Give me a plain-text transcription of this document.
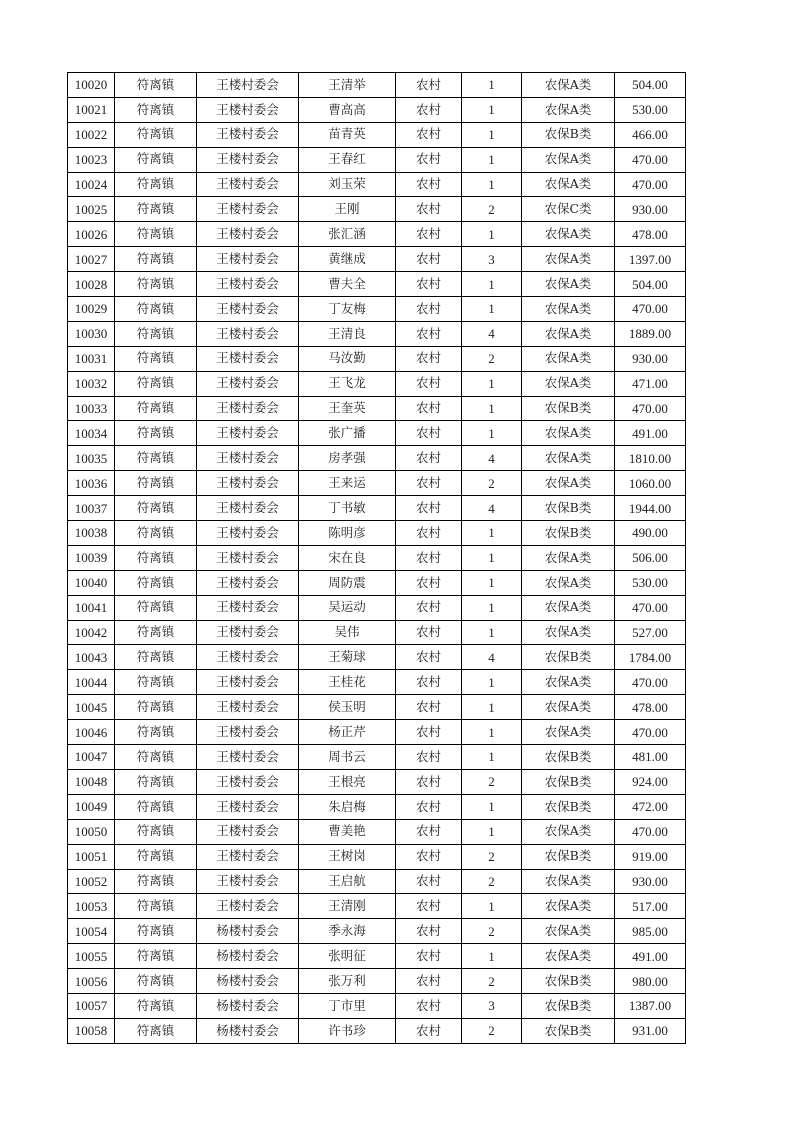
10020	符离镇	王楼村委会	王清举	农村	1	农保A类	504.00
10021	符离镇	王楼村委会	曹高高	农村	1	农保A类	530.00
10022	符离镇	王楼村委会	苗青英	农村	1	农保B类	466.00
10023	符离镇	王楼村委会	王春红	农村	1	农保A类	470.00
10024	符离镇	王楼村委会	刘玉荣	农村	1	农保A类	470.00
10025	符离镇	王楼村委会	王刚	农村	2	农保C类	930.00
10026	符离镇	王楼村委会	张汇涵	农村	1	农保A类	478.00
10027	符离镇	王楼村委会	黄继成	农村	3	农保A类	1397.00
10028	符离镇	王楼村委会	曹夫全	农村	1	农保A类	504.00
10029	符离镇	王楼村委会	丁友梅	农村	1	农保A类	470.00
10030	符离镇	王楼村委会	王清良	农村	4	农保A类	1889.00
10031	符离镇	王楼村委会	马汝勤	农村	2	农保A类	930.00
10032	符离镇	王楼村委会	王飞龙	农村	1	农保A类	471.00
10033	符离镇	王楼村委会	王奎英	农村	1	农保B类	470.00
10034	符离镇	王楼村委会	张广播	农村	1	农保A类	491.00
10035	符离镇	王楼村委会	房孝强	农村	4	农保A类	1810.00
10036	符离镇	王楼村委会	王来运	农村	2	农保A类	1060.00
10037	符离镇	王楼村委会	丁书敏	农村	4	农保B类	1944.00
10038	符离镇	王楼村委会	陈明彦	农村	1	农保B类	490.00
10039	符离镇	王楼村委会	宋在良	农村	1	农保A类	506.00
10040	符离镇	王楼村委会	周防震	农村	1	农保A类	530.00
10041	符离镇	王楼村委会	吴运动	农村	1	农保A类	470.00
10042	符离镇	王楼村委会	吴伟	农村	1	农保A类	527.00
10043	符离镇	王楼村委会	王菊球	农村	4	农保B类	1784.00
10044	符离镇	王楼村委会	王桂花	农村	1	农保A类	470.00
10045	符离镇	王楼村委会	侯玉明	农村	1	农保A类	478.00
10046	符离镇	王楼村委会	杨正芹	农村	1	农保A类	470.00
10047	符离镇	王楼村委会	周书云	农村	1	农保B类	481.00
10048	符离镇	王楼村委会	王根亮	农村	2	农保B类	924.00
10049	符离镇	王楼村委会	朱启梅	农村	1	农保B类	472.00
10050	符离镇	王楼村委会	曹美艳	农村	1	农保A类	470.00
10051	符离镇	王楼村委会	王树岗	农村	2	农保B类	919.00
10052	符离镇	王楼村委会	王启航	农村	2	农保A类	930.00
10053	符离镇	王楼村委会	王清刚	农村	1	农保A类	517.00
10054	符离镇	杨楼村委会	季永海	农村	2	农保A类	985.00
10055	符离镇	杨楼村委会	张明征	农村	1	农保A类	491.00
10056	符离镇	杨楼村委会	张万利	农村	2	农保B类	980.00
10057	符离镇	杨楼村委会	丁市里	农村	3	农保B类	1387.00
10058	符离镇	杨楼村委会	许书珍	农村	2	农保B类	931.00
